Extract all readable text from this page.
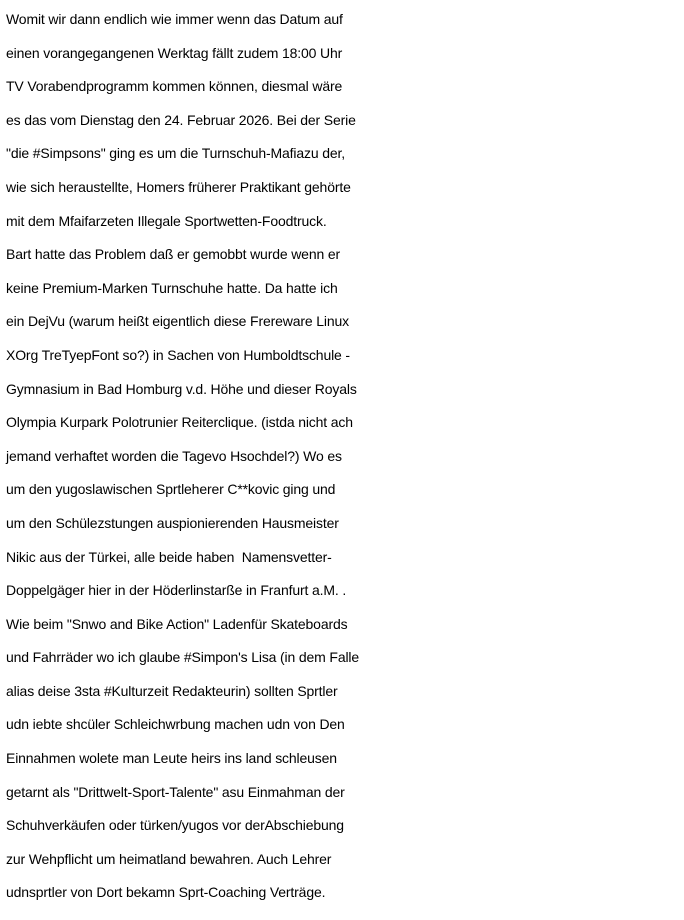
Womit wir dann endlich wie immer wenn das Datum auf
einen vorangegangenen Werktag fällt zudem 18:00 Uhr
TV Vorabendprogramm kommen können, diesmal wäre
es das vom Dienstag den 24. Februar 2026. Bei der Serie
"die #Simpsons" ging es um die Turnschuh-Mafiazu der,
wie sich heraustellte, Homers früherer Praktikant gehörte
mit dem Mfaifarzeten Illegale Sportwetten-Foodtruck.
Bart hatte das Problem daß er gemobbt wurde wenn er
keine Premium-Marken Turnschuhe hatte. Da hatte ich
ein DejVu (warum heißt eigentlich diese Frereware Linux
XOrg TreTyepFont so?) in Sachen von Humboldtschule -
Gymnasium in Bad Homburg v.d. Höhe und dieser Royals
Olympia Kurpark Polotrunier Reiterclique. (istda nicht ach
jemand verhaftet worden die Tagevo Hsochdel?) Wo es
um den yugoslawischen Sprtleherer C**kovic ging und
um den Schülezstungen auspionierenden Hausmeister
Nikic aus der Türkei, alle beide haben  Namensvetter-
Doppelgäger hier in der Höderlinstarße in Franfurt a.M. .
Wie beim "Snwo and Bike Action" Ladenfür Skateboards
und Fahrräder wo ich glaube #Simpon's Lisa (in dem Falle
alias deise 3sta #Kulturzeit Redakteurin) sollten Sprtler
udn iebte shcüler Schleichwrbung machen udn von Den
Einnahmen wolete man Leute heirs ins land schleusen
getarnt als "Drittwelt-Sport-Talente" asu Einmahman der
Schuhverkäufen oder türken/yugos vor derAbschiebung
zur Wehpflicht um heimatland bewahren. Auch Lehrer
udnsprtler von Dort bekamn Sprt-Coaching Verträge.
